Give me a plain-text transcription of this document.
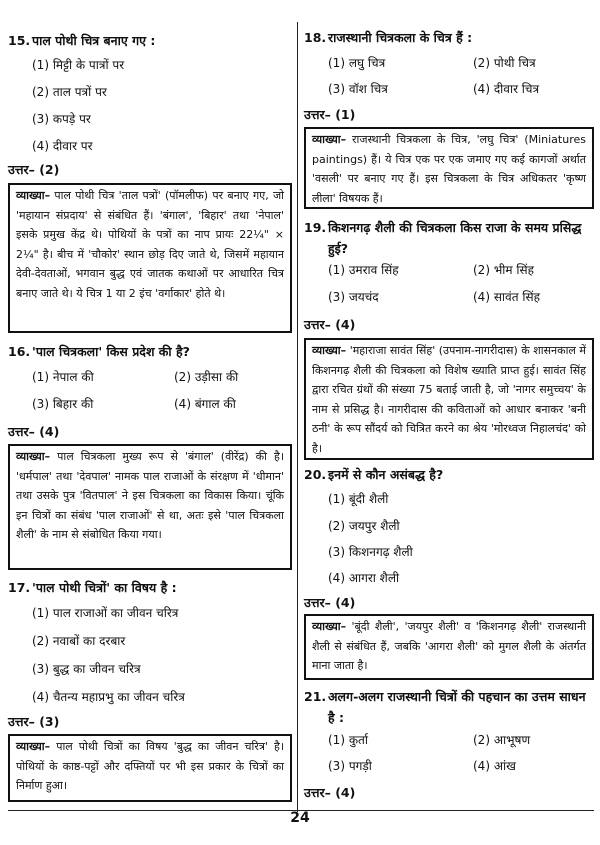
15. पाल पोथी चित्र बनाए गए :
(1) मिट्टी के पात्रों पर
(2) ताल पत्रों पर
(3) कपड़े पर
(4) दीवार पर
उत्तर– (2)
व्याख्या– पाल पोथी चित्र 'ताल पत्रों' (पॉमलीफ) पर बनाए गए, जो 'महायान संप्रदाय' से संबंधित हैं। 'बंगाल', 'बिहार' तथा 'नेपाल' इसके प्रमुख केंद्र थे। पोथियों के पत्रों का नाप प्रायः 22¼" × 2¼" है। बीच में 'चौकोर' स्थान छोड़ दिए जाते थे, जिसमें महायान देवी-देवताओं, भगवान बुद्ध एवं जातक कथाओं पर आधारित चित्र बनाए जाते थे। ये चित्र 1 या 2 इंच 'वर्गाकार' होते थे।
16. 'पाल चित्रकला' किस प्रदेश की है?
(1) नेपाल की	(2) उड़ीसा की
(3) बिहार की	(4) बंगाल की
उत्तर– (4)
व्याख्या– पाल चित्रकला मुख्य रूप से 'बंगाल' (वीरेंद्र) की है। 'धर्मपाल' तथा 'देवपाल' नामक पाल राजाओं के संरक्षण में 'धीमान' तथा उसके पुत्र 'वितपाल' ने इस चित्रकला का विकास किया। चूंकि इन चित्रों का संबंध 'पाल राजाओं' से था, अतः इसे 'पाल चित्रकला शैली' के नाम से संबोधित किया गया।
17. 'पाल पोथी चित्रों' का विषय है :
(1) पाल राजाओं का जीवन चरित्र
(2) नवाबों का दरबार
(3) बुद्ध का जीवन चरित्र
(4) चैतन्य महाप्रभु का जीवन चरित्र
उत्तर– (3)
व्याख्या– पाल पोथी चित्रों का विषय 'बुद्ध का जीवन चरित्र' है। पोथियों के काष्ठ-पट्टों और दफ्तियों पर भी इस प्रकार के चित्रों का निर्माण हुआ।
18. राजस्थानी चित्रकला के चित्र हैं :
(1) लघु चित्र	(2) पोथी चित्र
(3) वॉश चित्र	(4) दीवार चित्र
उत्तर– (1)
व्याख्या– राजस्थानी चित्रकला के चित्र, 'लघु चित्र' (Miniatures paintings) हैं। ये चित्र एक पर एक जमाए गए कई कागजों अर्थात 'वसली' पर बनाए गए हैं। इस चित्रकला के चित्र अधिकतर 'कृष्ण लीला' विषयक हैं।
19. किशनगढ़ शैली की चित्रकला किस राजा के समय प्रसिद्ध हुई?
(1) उमराव सिंह	(2) भीम सिंह
(3) जयचंद	(4) सावंत सिंह
उत्तर– (4)
व्याख्या– 'महाराजा सावंत सिंह' (उपनाम-नागरीदास) के शासनकाल में किशनगढ़ शैली की चित्रकला को विशेष ख्याति प्राप्त हुई। सावंत सिंह द्वारा रचित ग्रंथों की संख्या 75 बताई जाती है, जो 'नागर समुच्चय' के नाम से प्रसिद्ध है। नागरीदास की कविताओं को आधार बनाकर 'बनी ठनी' के रूप सौंदर्य को चित्रित करने का श्रेय 'मोरध्वज निहालचंद' को है।
20. इनमें से कौन असंबद्ध है?
(1) बूंदी शैली
(2) जयपुर शैली
(3) किशनगढ़ शैली
(4) आगरा शैली
उत्तर– (4)
व्याख्या– 'बूंदी शैली', 'जयपुर शैली' व 'किशनगढ़ शैली' राजस्थानी शैली से संबंधित हैं, जबकि 'आगरा शैली' को मुगल शैली के अंतर्गत माना जाता है।
21. अलग-अलग राजस्थानी चित्रों की पहचान का उत्तम साधन है :
(1) कुर्ता	(2) आभूषण
(3) पगड़ी	(4) आंख
उत्तर– (4)
24
